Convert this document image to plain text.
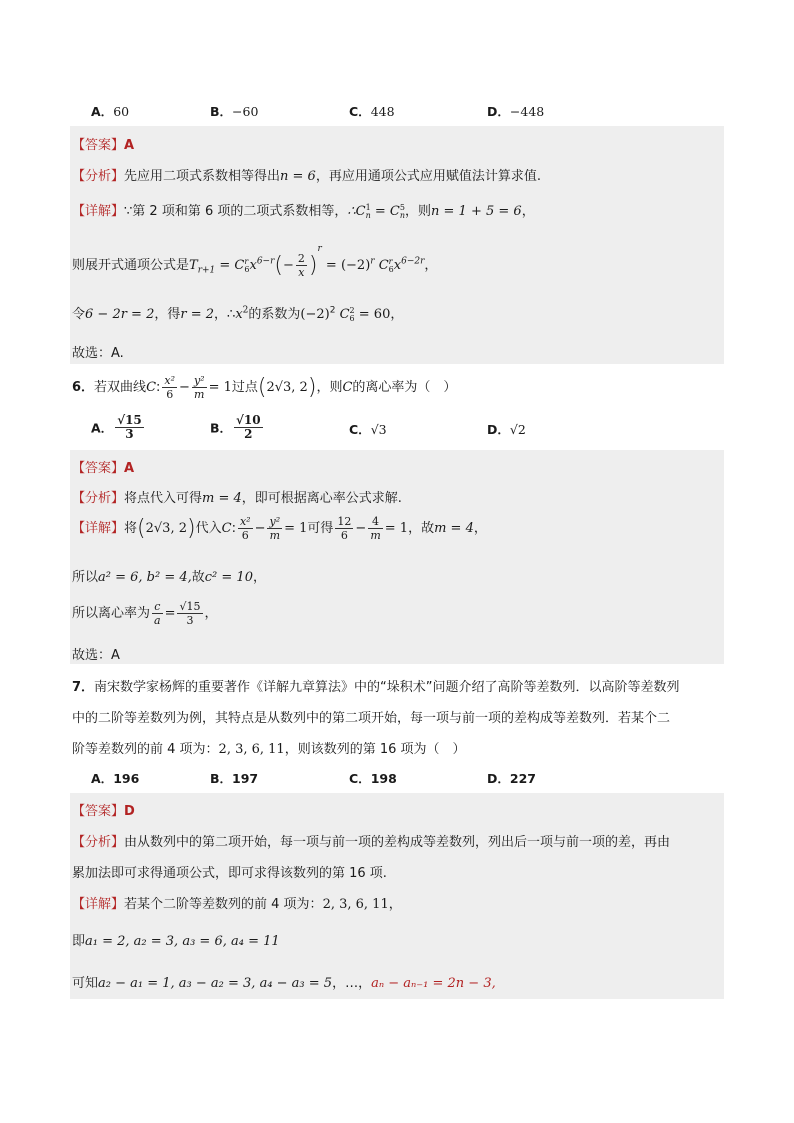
A．60	B．−60	C．448	D．−448
【答案】A
【分析】先应用二项式系数相等得出n = 6，再应用通项公式应用赋值法计算求值.
【详解】∵第 2 项和第 6 项的二项式系数相等，∴C 1
n = C 5
n ，则n = 1 + 5 = 6，
则展开式通项公式是$T_{r+1} = C$ r
6 $x^{6-r}(- \frac{2}{x} )^r = (-2)^r$ C r
6 $x^{6-2r}$，
令6 − 2r = 2，得r = 2，$\therefore x^2$的系数为$(-2)^2$ C 2
6 = 60，
故选：A.
6．若双曲线C: $\frac{\text{x²}}{6} - \frac{\text{y²}}{m} = 1$过点(2√3, 2)，则C的离心率为（　）
A． $\frac{√15}{3}$	B． $\frac{√10}{2}$	C．√3	D．√2
【答案】A
【分析】将点代入可得m = 4，即可根据离心率公式求解.
【详解】将(2√3, 2)代入C: $\frac{\text{x²}}{6} - \frac{\text{y²}}{m} = 1$可得 $\frac{12}{6} - \frac{4}{m} = 1$，故m = 4，
所以a² = 6, b² = 4,故c² = 10，
所以离心率为 $\frac{c}{a} = \frac{√15}{3}$ ，
故选：A
7．南宋数学家杨辉的重要著作《详解九章算法》中的“垛积术”问题介绍了高阶等差数列．以高阶等差数列
中的二阶等差数列为例，其特点是从数列中的第二项开始，每一项与前一项的差构成等差数列．若某个二
阶等差数列的前 4 项为：2, 3, 6, 11，则该数列的第 16 项为（　）
A．196	B．197	C．198	D．227
【答案】D
【分析】由从数列中的第二项开始，每一项与前一项的差构成等差数列，列出后一项与前一项的差，再由
累加法即可求得通项公式，即可求得该数列的第 16 项.
【详解】若某个二阶等差数列的前 4 项为：2, 3, 6, 11，
即a₁ = 2, a₂ = 3, a₃ = 6, a₄ = 11
可知a₂ − a₁ = 1, a₃ − a₂ = 3, a₄ − a₃ = 5，…，aₙ − aₙ₋₁ = 2n − 3,
